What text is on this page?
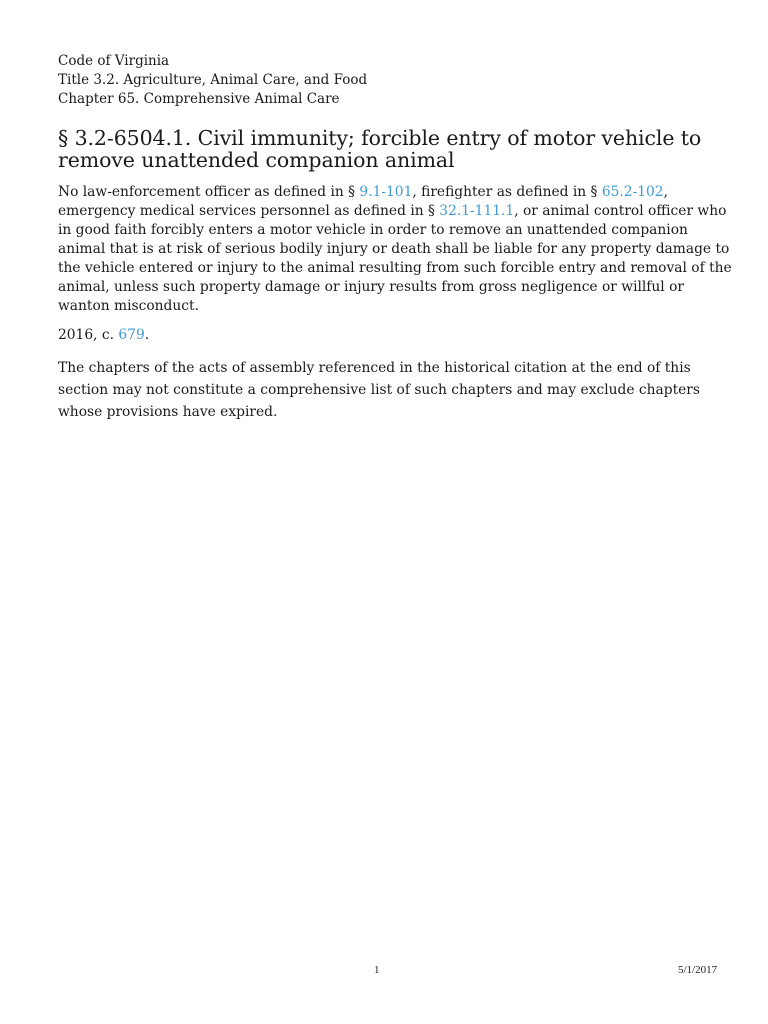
Code of Virginia

Title 3.2. Agriculture, Animal Care, and Food

Chapter 65. Comprehensive Animal Care

§ 3.2-6504.1. Civil immunity; forcible entry of motor vehicle to remove unattended companion animal

No law-enforcement officer as defined in § 9.1-101, firefighter as defined in § 65.2-102, emergency medical services personnel as defined in § 32.1-111.1, or animal control officer who in good faith forcibly enters a motor vehicle in order to remove an unattended companion animal that is at risk of serious bodily injury or death shall be liable for any property damage to the vehicle entered or injury to the animal resulting from such forcible entry and removal of the animal, unless such property damage or injury results from gross negligence or willful or wanton misconduct.

2016, c. 679.

The chapters of the acts of assembly referenced in the historical citation at the end of this section may not constitute a comprehensive list of such chapters and may exclude chapters whose provisions have expired.

1	5/1/2017
